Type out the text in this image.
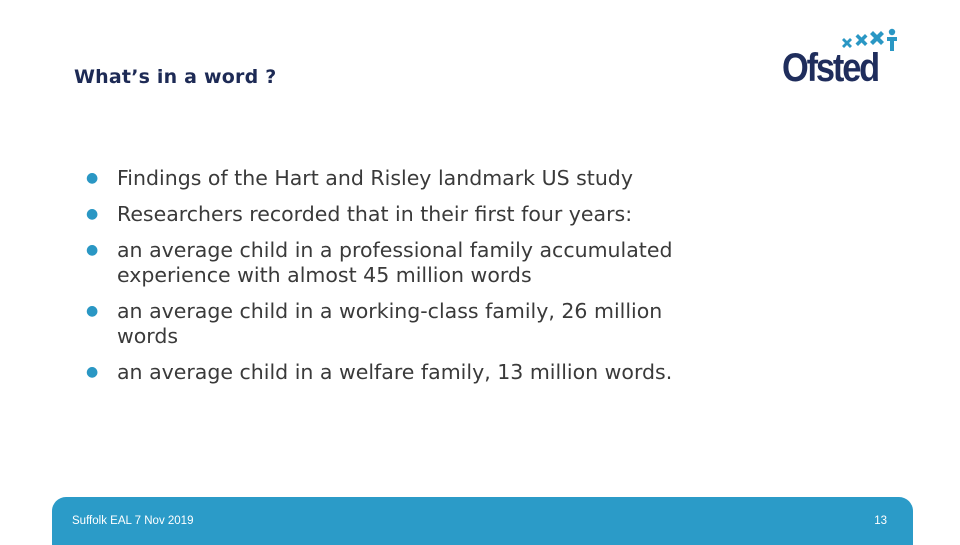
What’s in a word ?	Ofsted
● Findings of the Hart and Risley landmark US study
● Researchers recorded that in their first four years:
● an average child in a professional family accumulated experience with almost 45 million words
● an average child in a working-class family, 26 million words
● an average child in a welfare family, 13 million words.
Suffolk EAL 7 Nov 2019	13
